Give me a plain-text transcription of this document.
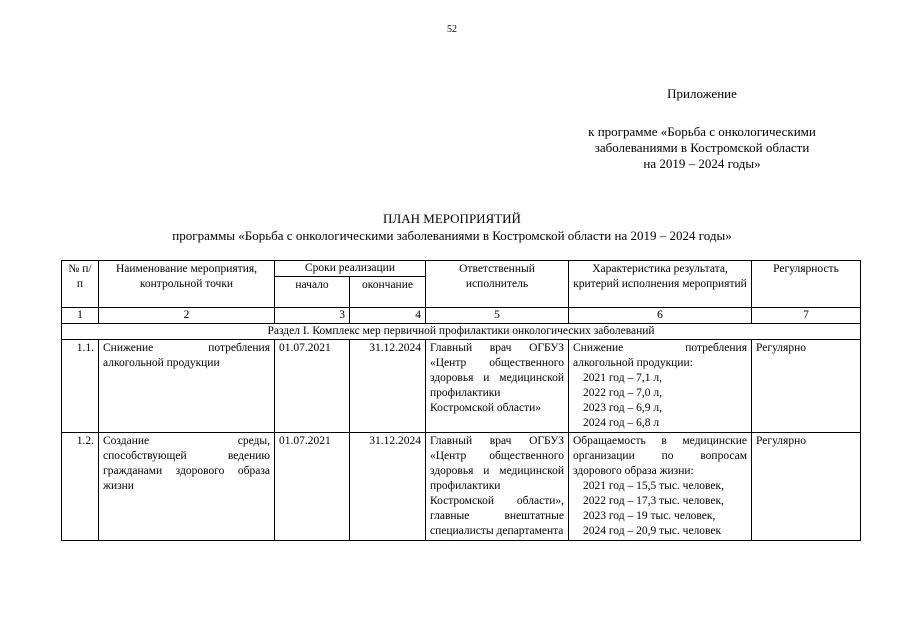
52
Приложение
к программе «Борьба с онкологическими
заболеваниями в Костромской области
на 2019 – 2024 годы»
ПЛАН МЕРОПРИЯТИЙ
программы «Борьба с онкологическими заболеваниями в Костромской области на 2019 – 2024 годы»
№ п/п	Наименование мероприятия, контрольной точки	Сроки реализации		Ответственный исполнитель	Характеристика результата, критерий исполнения мероприятий	Регулярность
		начало	окончание			
1	2	3	4	5	6	7
Раздел I. Комплекс мер первичной профилактики онкологических заболеваний						
1.1.	Снижение потребления алкогольной продукции	01.07.2021	31.12.2024	Главный врач ОГБУЗ «Центр общественного здоровья и медицинской профилактики Костромской области»	Снижение потребления алкогольной продукции:
2021 год – 7,1 л,
2022 год – 7,0 л,
2023 год – 6,9 л,
2024 год – 6,8 л	Регулярно
1.2.	Создание среды, способствующей ведению гражданами здорового образа жизни	01.07.2021	31.12.2024	Главный врач ОГБУЗ «Центр общественного здоровья и медицинской профилактики Костромской области», главные внештатные специалисты департамента	Обращаемость в медицинские организации по вопросам здорового образа жизни:
2021 год – 15,5 тыс. человек,
2022 год – 17,3 тыс. человек,
2023 год – 19 тыс. человек,
2024 год – 20,9 тыс. человек	Регулярно
